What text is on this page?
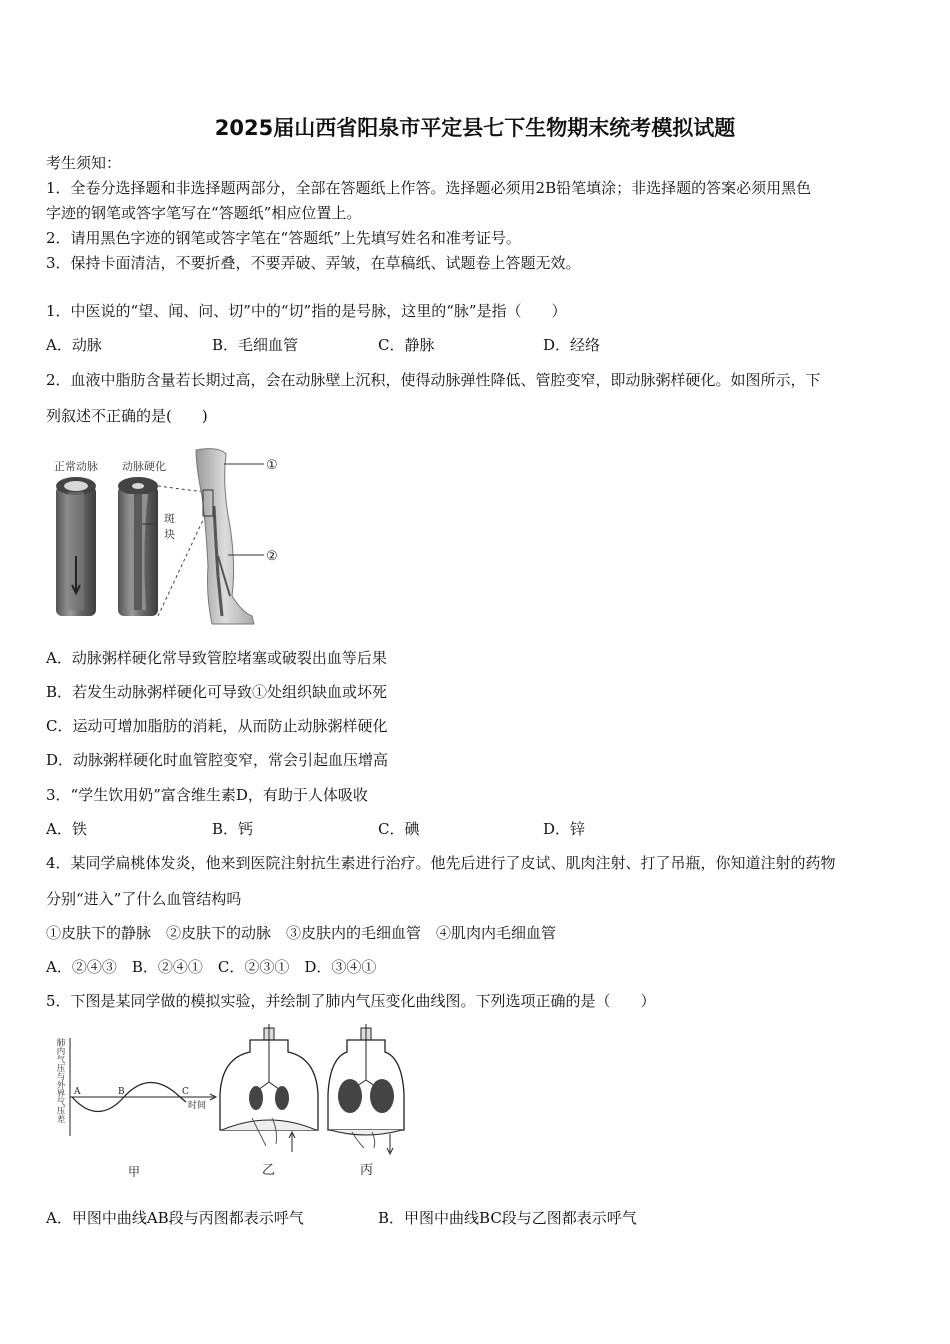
2025届山西省阳泉市平定县七下生物期末统考模拟试题
考生须知：
1．全卷分选择题和非选择题两部分，全部在答题纸上作答。选择题必须用2B铅笔填涂；非选择题的答案必须用黑色
字迹的钢笔或答字笔写在“答题纸”相应位置上。
2．请用黑色字迹的钢笔或答字笔在“答题纸”上先填写姓名和准考证号。
3．保持卡面清洁，不要折叠，不要弄破、弄皱，在草稿纸、试题卷上答题无效。
1．中医说的“望、闻、问、切”中的“切”指的是号脉，这里的“脉”是指（　　）
A．动脉	B．毛细血管	C．静脉	D．经络
2．血液中脂肪含量若长期过高，会在动脉壁上沉积，使得动脉弹性降低、管腔变窄，即动脉粥样硬化。如图所示，下
列叙述不正确的是(　　)
正常动脉 动脉硬化
斑
块
①
②
A．动脉粥样硬化常导致管腔堵塞或破裂出血等后果
B．若发生动脉粥样硬化可导致①处组织缺血或坏死
C．运动可增加脂肪的消耗，从而防止动脉粥样硬化
D．动脉粥样硬化时血管腔变窄，常会引起血压增高
3．“学生饮用奶”富含维生素D，有助于人体吸收
A．铁	B．钙	C．碘	D．锌
4．某同学扁桃体发炎，他来到医院注射抗生素进行治疗。他先后进行了皮试、肌肉注射、打了吊瓶，你知道注射的药物
分别“进入”了什么血管结构吗
①皮肤下的静脉　②皮肤下的动脉　③皮肤内的毛细血管　④肌肉内毛细血管
A．②④③　B．②④①　C．②③①　D．③④①
5．下图是某同学做的模拟实验，并绘制了肺内气压变化曲线图。下列选项正确的是（　　）
肺内气压与外界气压差 A	B	C
时间
甲	乙	丙
A．甲图中曲线AB段与丙图都表示呼气	B．甲图中曲线BC段与乙图都表示呼气
